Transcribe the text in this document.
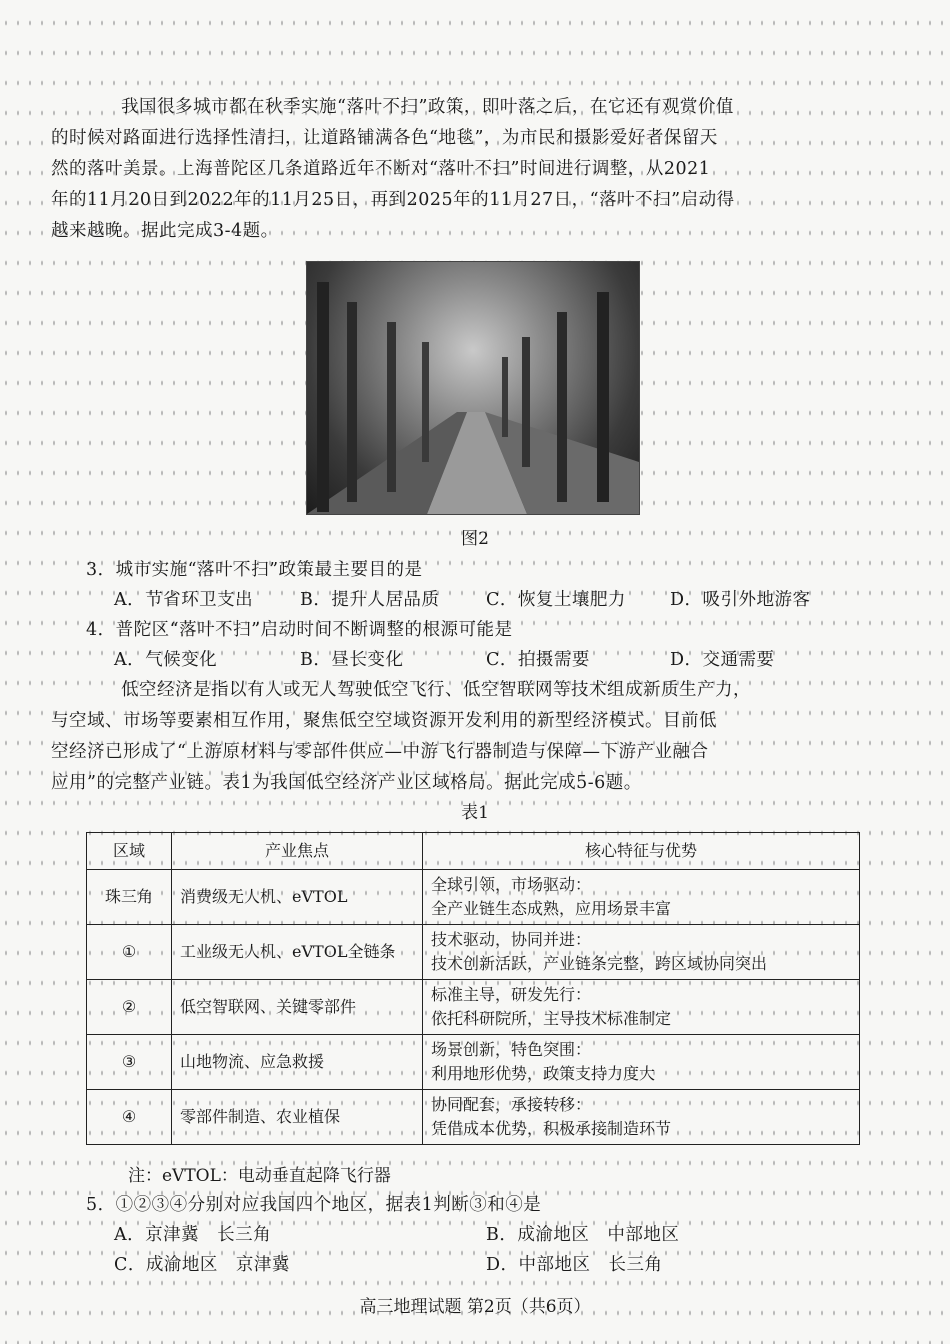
我国很多城市都在秋季实施“落叶不扫”政策，即叶落之后，在它还有观赏价值
的时候对路面进行选择性清扫，让道路铺满各色“地毯”，为市民和摄影爱好者保留天
然的落叶美景。上海普陀区几条道路近年不断对“落叶不扫”时间进行调整，从2021
年的11月20日到2022年的11月25日，再到2025年的11月27日，“落叶不扫”启动得
越来越晚。据此完成3-4题。

图2

3．城市实施“落叶不扫”政策最主要目的是

A．节省环卫支出	B．提升人居品质	C．恢复土壤肥力	D．吸引外地游客

4．普陀区“落叶不扫”启动时间不断调整的根源可能是

A．气候变化	B．昼长变化	C．拍摄需要	D．交通需要

低空经济是指以有人或无人驾驶低空飞行、低空智联网等技术组成新质生产力，
与空域、市场等要素相互作用，聚焦低空空域资源开发利用的新型经济模式。目前低
空经济已形成了“上游原材料与零部件供应—中游飞行器制造与保障—下游产业融合
应用”的完整产业链。表1为我国低空经济产业区域格局。据此完成5-6题。

表1
区域	产业焦点	核心特征与优势
珠三角	消费级无人机、eVTOL	全球引领，市场驱动：
全产业链生态成熟，应用场景丰富
①	工业级无人机、eVTOL全链条	技术驱动，协同并进：
技术创新活跃，产业链条完整，跨区域协同突出
②	低空智联网、关键零部件	标准主导，研发先行：
依托科研院所，主导技术标准制定
③	山地物流、应急救援	场景创新，特色突围：
利用地形优势，政策支持力度大
④	零部件制造、农业植保	协同配套，承接转移：
凭借成本优势，积极承接制造环节
注：eVTOL：电动垂直起降飞行器

5．①②③④分别对应我国四个地区，据表1判断③和④是

A．京津冀　长三角	B．成渝地区　中部地区

C．成渝地区　京津冀	D．中部地区　长三角

高三地理试题 第2页（共6页）
